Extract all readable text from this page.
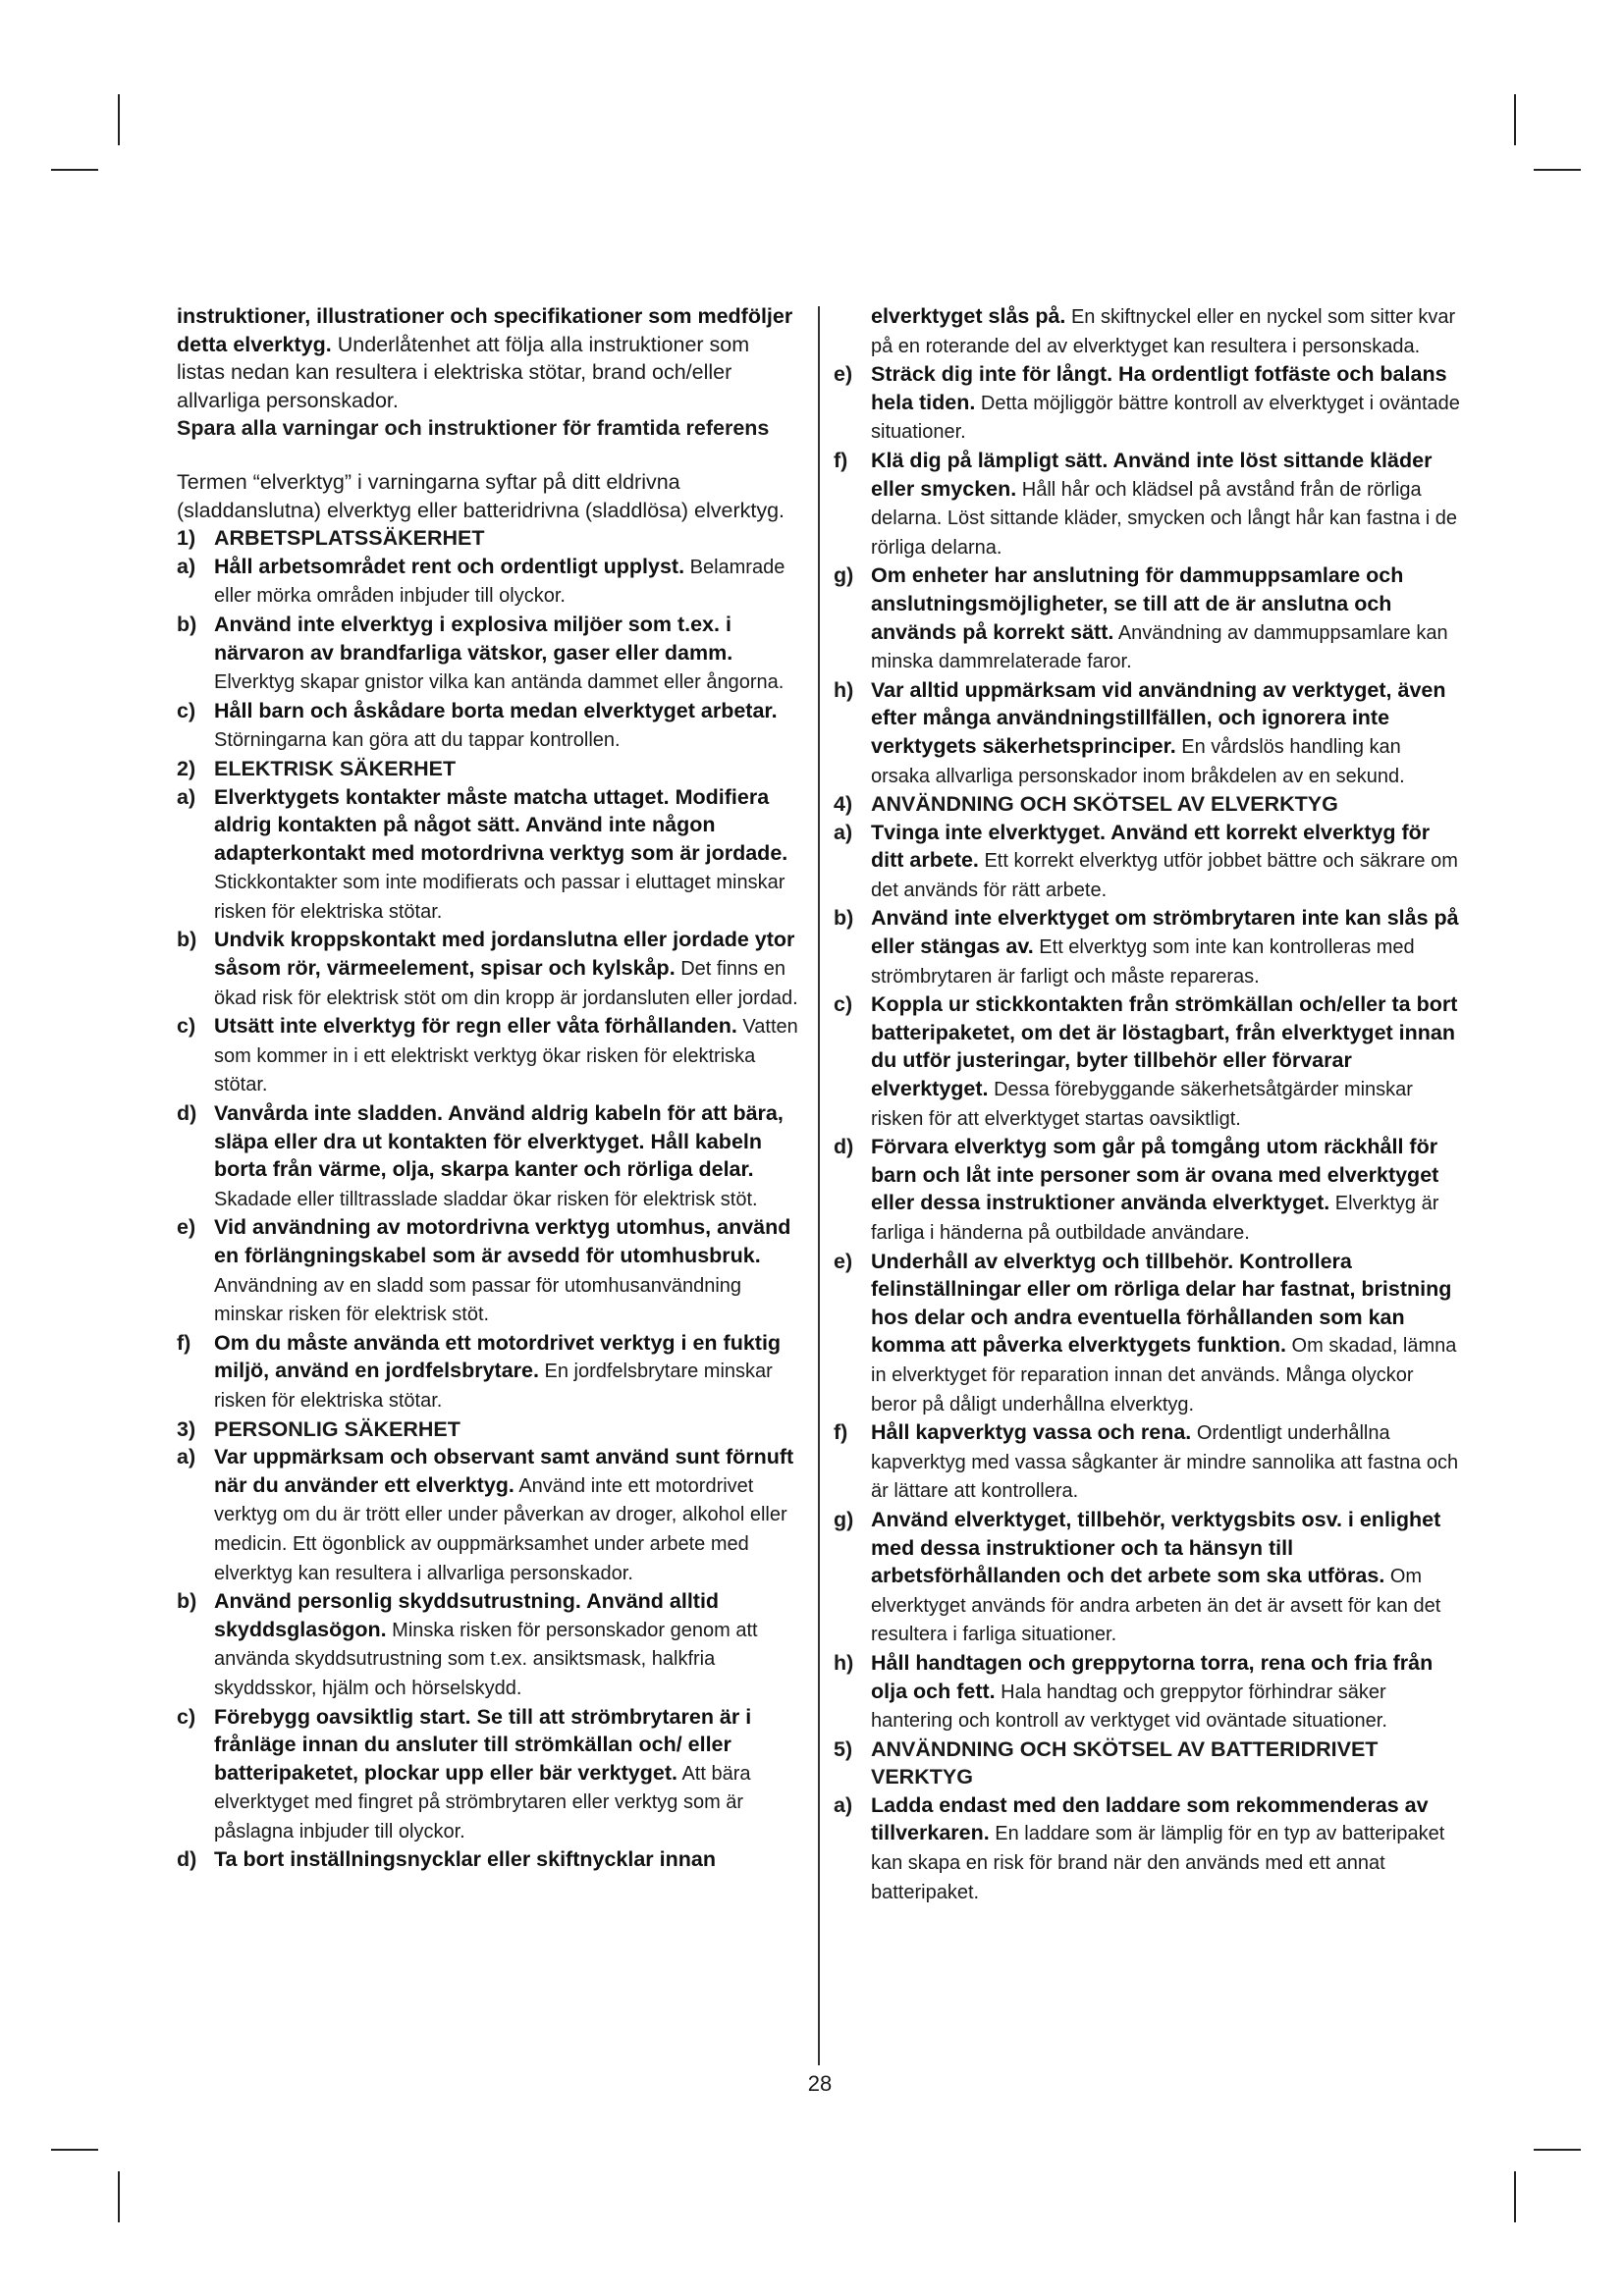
instruktioner, illustrationer och specifikationer som medföljer detta elverktyg. Underlåtenhet att följa alla instruktioner som listas nedan kan resultera i elektriska stötar, brand och/eller allvarliga personskador.

Spara alla varningar och instruktioner för framtida referens

Termen “elverktyg” i varningarna syftar på ditt eldrivna (sladdanslutna) elverktyg eller batteridrivna (sladdlösa) elverktyg.

1) ARBETSPLATSSÄKERHET

a) Håll arbetsområdet rent och ordentligt upplyst. Belamrade eller mörka områden inbjuder till olyckor.

b) Använd inte elverktyg i explosiva miljöer som t.ex. i närvaron av brandfarliga vätskor, gaser eller damm. Elverktyg skapar gnistor vilka kan antända dammet eller ångorna.

c) Håll barn och åskådare borta medan elverktyget arbetar. Störningarna kan göra att du tappar kontrollen.

2) ELEKTRISK SÄKERHET

a) Elverktygets kontakter måste matcha uttaget. Modifiera aldrig kontakten på något sätt. Använd inte någon adapterkontakt med motordrivna verktyg som är jordade. Stickkontakter som inte modifierats och passar i eluttaget minskar risken för elektriska stötar.

b) Undvik kroppskontakt med jordanslutna eller jordade ytor såsom rör, värmeelement, spisar och kylskåp. Det finns en ökad risk för elektrisk stöt om din kropp är jordansluten eller jordad.

c) Utsätt inte elverktyg för regn eller våta förhållanden. Vatten som kommer in i ett elektriskt verktyg ökar risken för elektriska stötar.

d) Vanvårda inte sladden. Använd aldrig kabeln för att bära, släpa eller dra ut kontakten för elverktyget. Håll kabeln borta från värme, olja, skarpa kanter och rörliga delar. Skadade eller tilltrasslade sladdar ökar risken för elektrisk stöt.

e) Vid användning av motordrivna verktyg utomhus, använd en förlängningskabel som är avsedd för utomhusbruk. Användning av en sladd som passar för utomhusanvändning minskar risken för elektrisk stöt.

f) Om du måste använda ett motordrivet verktyg i en fuktig miljö, använd en jordfelsbrytare. En jordfelsbrytare minskar risken för elektriska stötar.

3) PERSONLIG SÄKERHET

a) Var uppmärksam och observant samt använd sunt förnuft när du använder ett elverktyg. Använd inte ett motordrivet verktyg om du är trött eller under påverkan av droger, alkohol eller medicin. Ett ögonblick av ouppmärksamhet under arbete med elverktyg kan resultera i allvarliga personskador.

b) Använd personlig skyddsutrustning. Använd alltid skyddsglasögon. Minska risken för personskador genom att använda skyddsutrustning som t.ex. ansiktsmask, halkfria skyddsskor, hjälm och hörselskydd.

c) Förebygg oavsiktlig start. Se till att strömbrytaren är i frånläge innan du ansluter till strömkällan och/ eller batteripaketet, plockar upp eller bär verktyget. Att bära elverktyget med fingret på strömbrytaren eller verktyg som är påslagna inbjuder till olyckor.

d) Ta bort inställningsnycklar eller skiftnycklar innan

elverktyget slås på. En skiftnyckel eller en nyckel som sitter kvar på en roterande del av elverktyget kan resultera i personskada.

e) Sträck dig inte för långt. Ha ordentligt fotfäste och balans hela tiden. Detta möjliggör bättre kontroll av elverktyget i oväntade situationer.

f) Klä dig på lämpligt sätt. Använd inte löst sittande kläder eller smycken. Håll hår och klädsel på avstånd från de rörliga delarna. Löst sittande kläder, smycken och långt hår kan fastna i de rörliga delarna.

g) Om enheter har anslutning för dammuppsamlare och anslutningsmöjligheter, se till att de är anslutna och används på korrekt sätt. Användning av dammuppsamlare kan minska dammrelaterade faror.

h) Var alltid uppmärksam vid användning av verktyget, även efter många användningstillfällen, och ignorera inte verktygets säkerhetsprinciper. En vårdslös handling kan orsaka allvarliga personskador inom bråkdelen av en sekund.

4) ANVÄNDNING OCH SKÖTSEL AV ELVERKTYG

a) Tvinga inte elverktyget. Använd ett korrekt elverktyg för ditt arbete. Ett korrekt elverktyg utför jobbet bättre och säkrare om det används för rätt arbete.

b) Använd inte elverktyget om strömbrytaren inte kan slås på eller stängas av. Ett elverktyg som inte kan kontrolleras med strömbrytaren är farligt och måste repareras.

c) Koppla ur stickkontakten från strömkällan och/eller ta bort batteripaketet, om det är löstagbart, från elverktyget innan du utför justeringar, byter tillbehör eller förvarar elverktyget. Dessa förebyggande säkerhetsåtgärder minskar risken för att elverktyget startas oavsiktligt.

d) Förvara elverktyg som går på tomgång utom räckhåll för barn och låt inte personer som är ovana med elverktyget eller dessa instruktioner använda elverktyget. Elverktyg är farliga i händerna på outbildade användare.

e) Underhåll av elverktyg och tillbehör. Kontrollera felinställningar eller om rörliga delar har fastnat, bristning hos delar och andra eventuella förhållanden som kan komma att påverka elverktygets funktion. Om skadad, lämna in elverktyget för reparation innan det används. Många olyckor beror på dåligt underhållna elverktyg.

f) Håll kapverktyg vassa och rena. Ordentligt underhållna kapverktyg med vassa sågkanter är mindre sannolika att fastna och är lättare att kontrollera.

g) Använd elverktyget, tillbehör, verktygsbits osv. i enlighet med dessa instruktioner och ta hänsyn till arbetsförhållanden och det arbete som ska utföras. Om elverktyget används för andra arbeten än det är avsett för kan det resultera i farliga situationer.

h) Håll handtagen och greppytorna torra, rena och fria från olja och fett. Hala handtag och greppytor förhindrar säker hantering och kontroll av verktyget vid oväntade situationer.

5) ANVÄNDNING OCH SKÖTSEL AV BATTERIDRIVET VERKTYG

a) Ladda endast med den laddare som rekommenderas av tillverkaren. En laddare som är lämplig för en typ av batteripaket kan skapa en risk för brand när den används med ett annat batteripaket.

28
